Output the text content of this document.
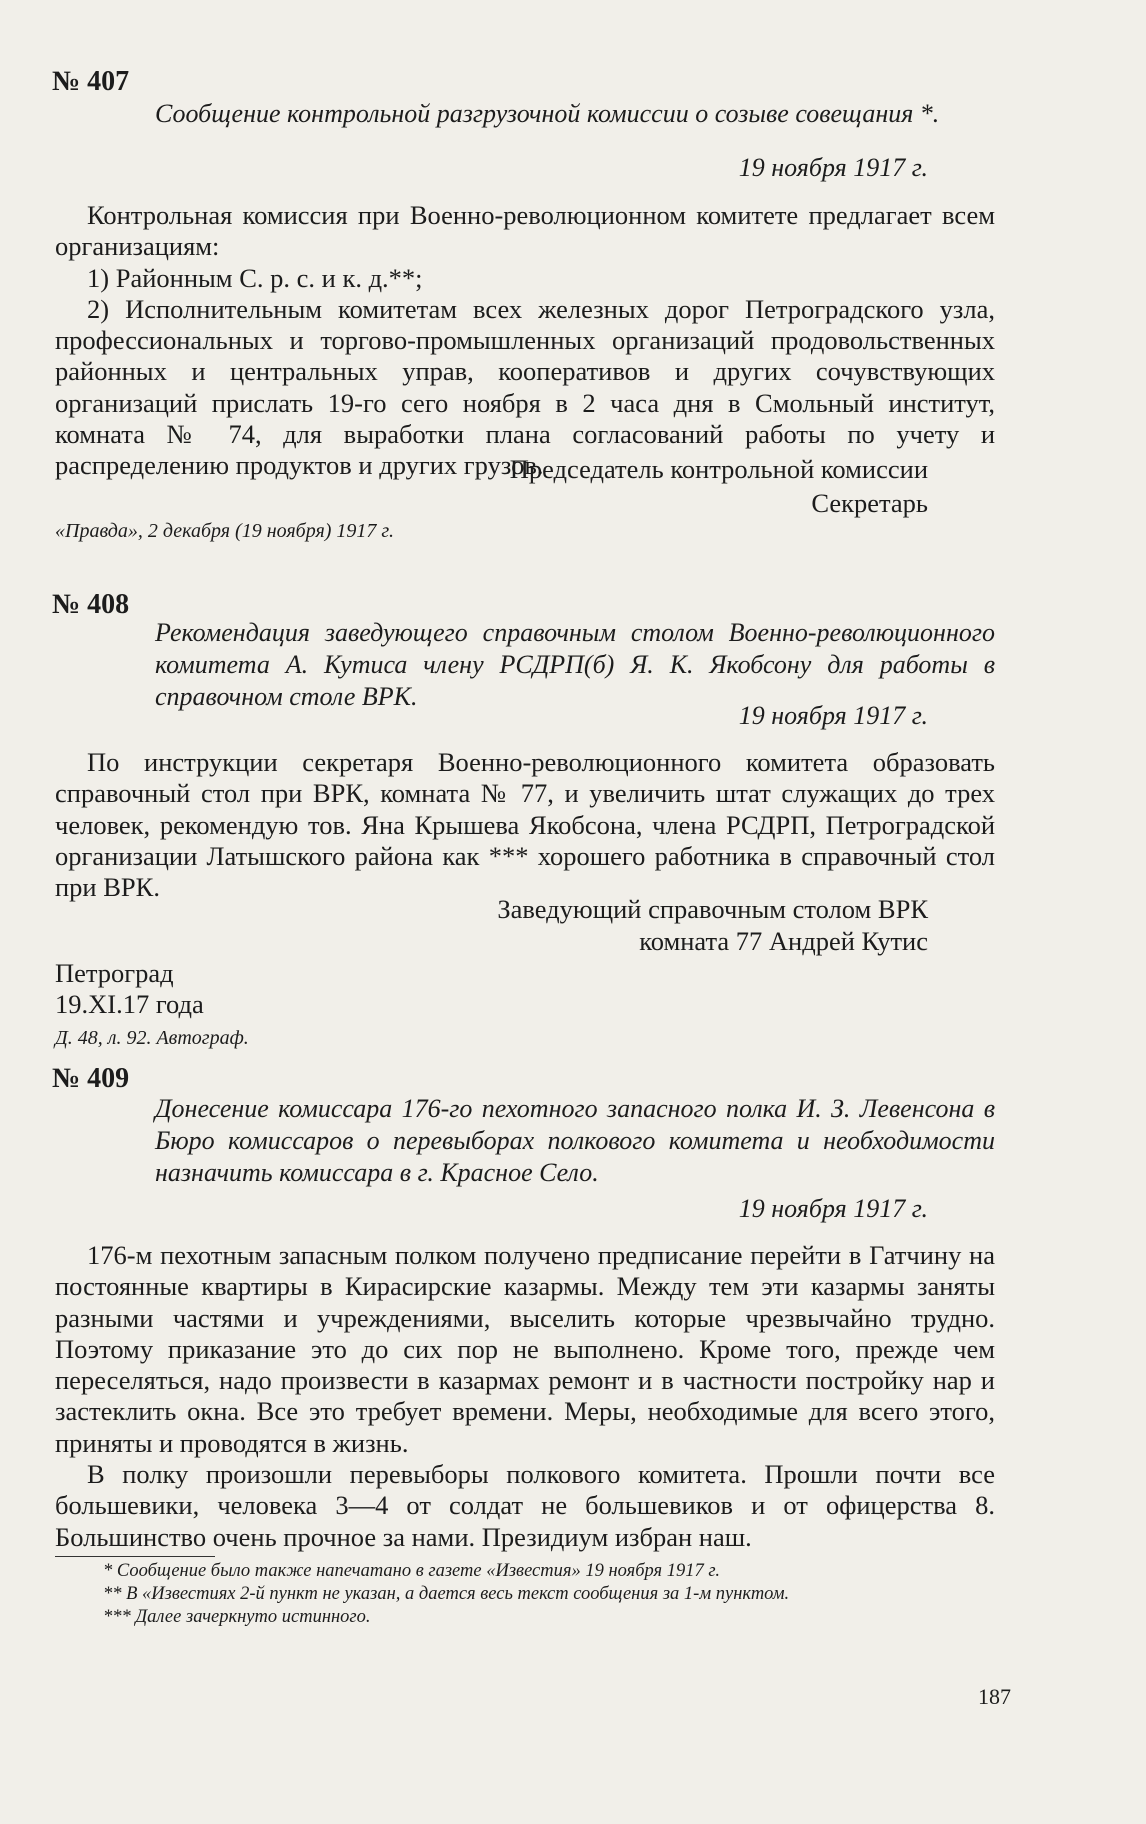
№ 407
Сообщение контрольной разгрузочной комиссии о созыве совещания *.
19 ноября 1917 г.

Контрольная комиссия при Военно-революционном комитете предлагает всем организациям:

1) Районным С. р. с. и к. д.**;

2) Исполнительным комитетам всех железных дорог Петроградского узла, профессиональных и торгово-промышленных организаций продовольственных районных и центральных управ, кооперативов и других сочувствующих организаций прислать 19-го сего ноября в 2 часа дня в Смольный институт, комната № 74, для выработки плана согласований работы по учету и распределению продуктов и других грузов.

Председатель контрольной комиссии
Секретарь
«Правда», 2 декабря (19 ноября) 1917 г.
№ 408
Рекомендация заведующего справочным столом Военно-революционного комитета А. Кутиса члену РСДРП(б) Я. К. Якобсону для работы в справочном столе ВРК.
19 ноября 1917 г.

По инструкции секретаря Военно-революционного комитета образовать справочный стол при ВРК, комната № 77, и увеличить штат служащих до трех человек, рекомендую тов. Яна Крышева Якобсона, члена РСДРП, Петроградской организации Латышского района как *** хорошего работника в справочный стол при ВРК.

Заведующий справочным столом ВРК
комната 77 Андрей Кутис
Петроград
19.XI.17 года
Д. 48, л. 92. Автограф.
№ 409
Донесение комиссара 176-го пехотного запасного полка И. З. Левенсона в Бюро комиссаров о перевыборах полкового комитета и необходимости назначить комиссара в г. Красное Село.
19 ноября 1917 г.

176-м пехотным запасным полком получено предписание перейти в Гатчину на постоянные квартиры в Кирасирские казармы. Между тем эти казармы заняты разными частями и учреждениями, выселить которые чрезвычайно трудно. Поэтому приказание это до сих пор не выполнено. Кроме того, прежде чем переселяться, надо произвести в казармах ремонт и в частности постройку нар и застеклить окна. Все это требует времени. Меры, необходимые для всего этого, приняты и проводятся в жизнь.

В полку произошли перевыборы полкового комитета. Прошли почти все большевики, человека 3—4 от солдат не большевиков и от офицерства 8. Большинство очень прочное за нами. Президиум избран наш.

* Сообщение было также напечатано в газете «Известия» 19 ноября 1917 г.

** В «Известиях 2-й пункт не указан, а дается весь текст сообщения за 1-м пунктом.

*** Далее зачеркнуто истинного.

187
